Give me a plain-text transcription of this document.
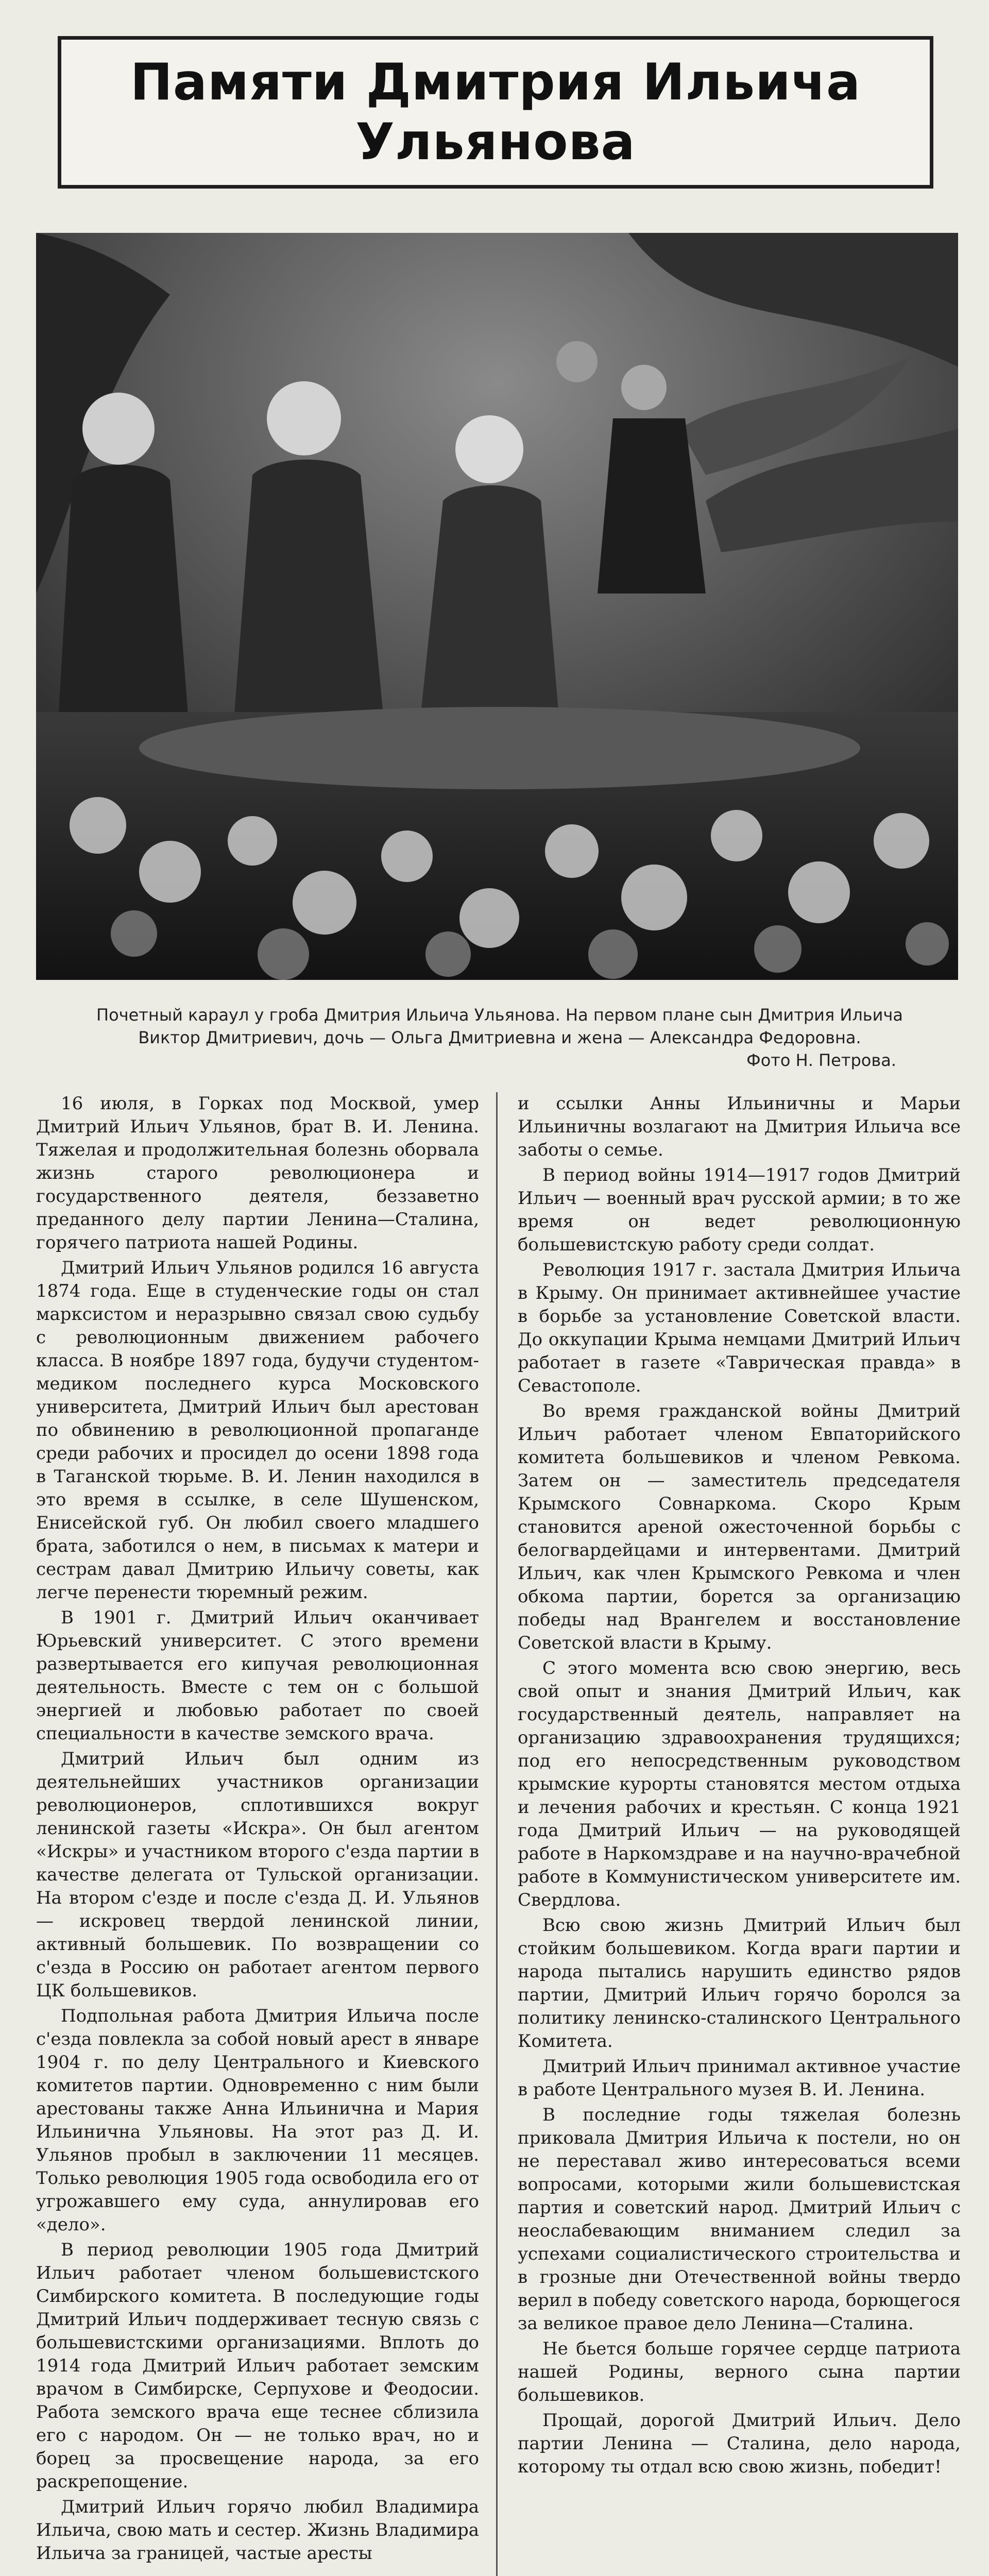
Памяти Дмитрия Ильича
Ульянова
Почетный караул у гроба Дмитрия Ильича Ульянова. На первом плане сын Дмитрия Ильича Виктор Дмитриевич, дочь — Ольга Дмитриевна и жена — Александра Федоровна.
Фото Н. Петрова.

16 июля, в Горках под Москвой, умер Дмитрий Ильич Ульянов, брат В. И. Ленина. Тяжелая и продолжительная болезнь оборвала жизнь старого революционера и государственного деятеля, беззаветно преданного делу партии Ленина—Сталина, горячего патриота нашей Родины.

Дмитрий Ильич Ульянов родился 16 августа 1874 года. Еще в студенческие годы он стал марксистом и неразрывно связал свою судьбу с революционным движением рабочего класса. В ноябре 1897 года, будучи студентом-медиком последнего курса Московского университета, Дмитрий Ильич был арестован по обвинению в революционной пропаганде среди рабочих и просидел до осени 1898 года в Таганской тюрьме. В. И. Ленин находился в это время в ссылке, в селе Шушенском, Енисейской губ. Он любил своего младшего брата, заботился о нем, в письмах к матери и сестрам давал Дмитрию Ильичу советы, как легче перенести тюремный режим.

В 1901 г. Дмитрий Ильич оканчивает Юрьевский университет. С этого времени развертывается его кипучая революционная деятельность. Вместе с тем он с большой энергией и любовью работает по своей специальности в качестве земского врача.

Дмитрий Ильич был одним из деятельнейших участников организации революционеров, сплотившихся вокруг ленинской газеты «Искра». Он был агентом «Искры» и участником второго с'езда партии в качестве делегата от Тульской организации. На втором с'езде и после с'езда Д. И. Ульянов — искровец твердой ленинской линии, активный большевик. По возвращении со с'езда в Россию он работает агентом первого ЦК большевиков.

Подпольная работа Дмитрия Ильича после с'езда повлекла за собой новый арест в январе 1904 г. по делу Центрального и Киевского комитетов партии. Одновременно с ним были арестованы также Анна Ильинична и Мария Ильинична Ульяновы. На этот раз Д. И. Ульянов пробыл в заключении 11 месяцев. Только революция 1905 года освободила его от угрожавшего ему суда, аннулировав его «дело».

В период революции 1905 года Дмитрий Ильич работает членом большевистского Симбирского комитета. В последующие годы Дмитрий Ильич поддерживает тесную связь с большевистскими организациями. Вплоть до 1914 года Дмитрий Ильич работает земским врачом в Симбирске, Серпухове и Феодосии. Работа земского врача еще теснее сблизила его с народом. Он — не только врач, но и борец за просвещение народа, за его раскрепощение.

Дмитрий Ильич горячо любил Владимира Ильича, свою мать и сестер. Жизнь Владимира Ильича за границей, частые аресты

и ссылки Анны Ильиничны и Марьи Ильиничны возлагают на Дмитрия Ильича все заботы о семье.

В период войны 1914—1917 годов Дмитрий Ильич — военный врач русской армии; в то же время он ведет революционную большевистскую работу среди солдат.

Революция 1917 г. застала Дмитрия Ильича в Крыму. Он принимает активнейшее участие в борьбе за установление Советской власти. До оккупации Крыма немцами Дмитрий Ильич работает в газете «Таврическая правда» в Севастополе.

Во время гражданской войны Дмитрий Ильич работает членом Евпаторийского комитета большевиков и членом Ревкома. Затем он — заместитель председателя Крымского Совнаркома. Скоро Крым становится ареной ожесточенной борьбы с белогвардейцами и интервентами. Дмитрий Ильич, как член Крымского Ревкома и член обкома партии, борется за организацию победы над Врангелем и восстановление Советской власти в Крыму.

С этого момента всю свою энергию, весь свой опыт и знания Дмитрий Ильич, как государственный деятель, направляет на организацию здравоохранения трудящихся; под его непосредственным руководством крымские курорты становятся местом отдыха и лечения рабочих и крестьян. С конца 1921 года Дмитрий Ильич — на руководящей работе в Наркомздраве и на научно-врачебной работе в Коммунистическом университете им. Свердлова.

Всю свою жизнь Дмитрий Ильич был стойким большевиком. Когда враги партии и народа пытались нарушить единство рядов партии, Дмитрий Ильич горячо боролся за политику ленинско-сталинского Центрального Комитета.

Дмитрий Ильич принимал активное участие в работе Центрального музея В. И. Ленина.

В последние годы тяжелая болезнь приковала Дмитрия Ильича к постели, но он не переставал живо интересоваться всеми вопросами, которыми жили большевистская партия и советский народ. Дмитрий Ильич с неослабевающим вниманием следил за успехами социалистического строительства и в грозные дни Отечественной войны твердо верил в победу советского народа, борющегося за великое правое дело Ленина—Сталина.

Не бьется больше горячее сердце патриота нашей Родины, верного сына партии большевиков.

Прощай, дорогой Дмитрий Ильич. Дело партии Ленина — Сталина, дело народа, которому ты отдал всю свою жизнь, победит!
